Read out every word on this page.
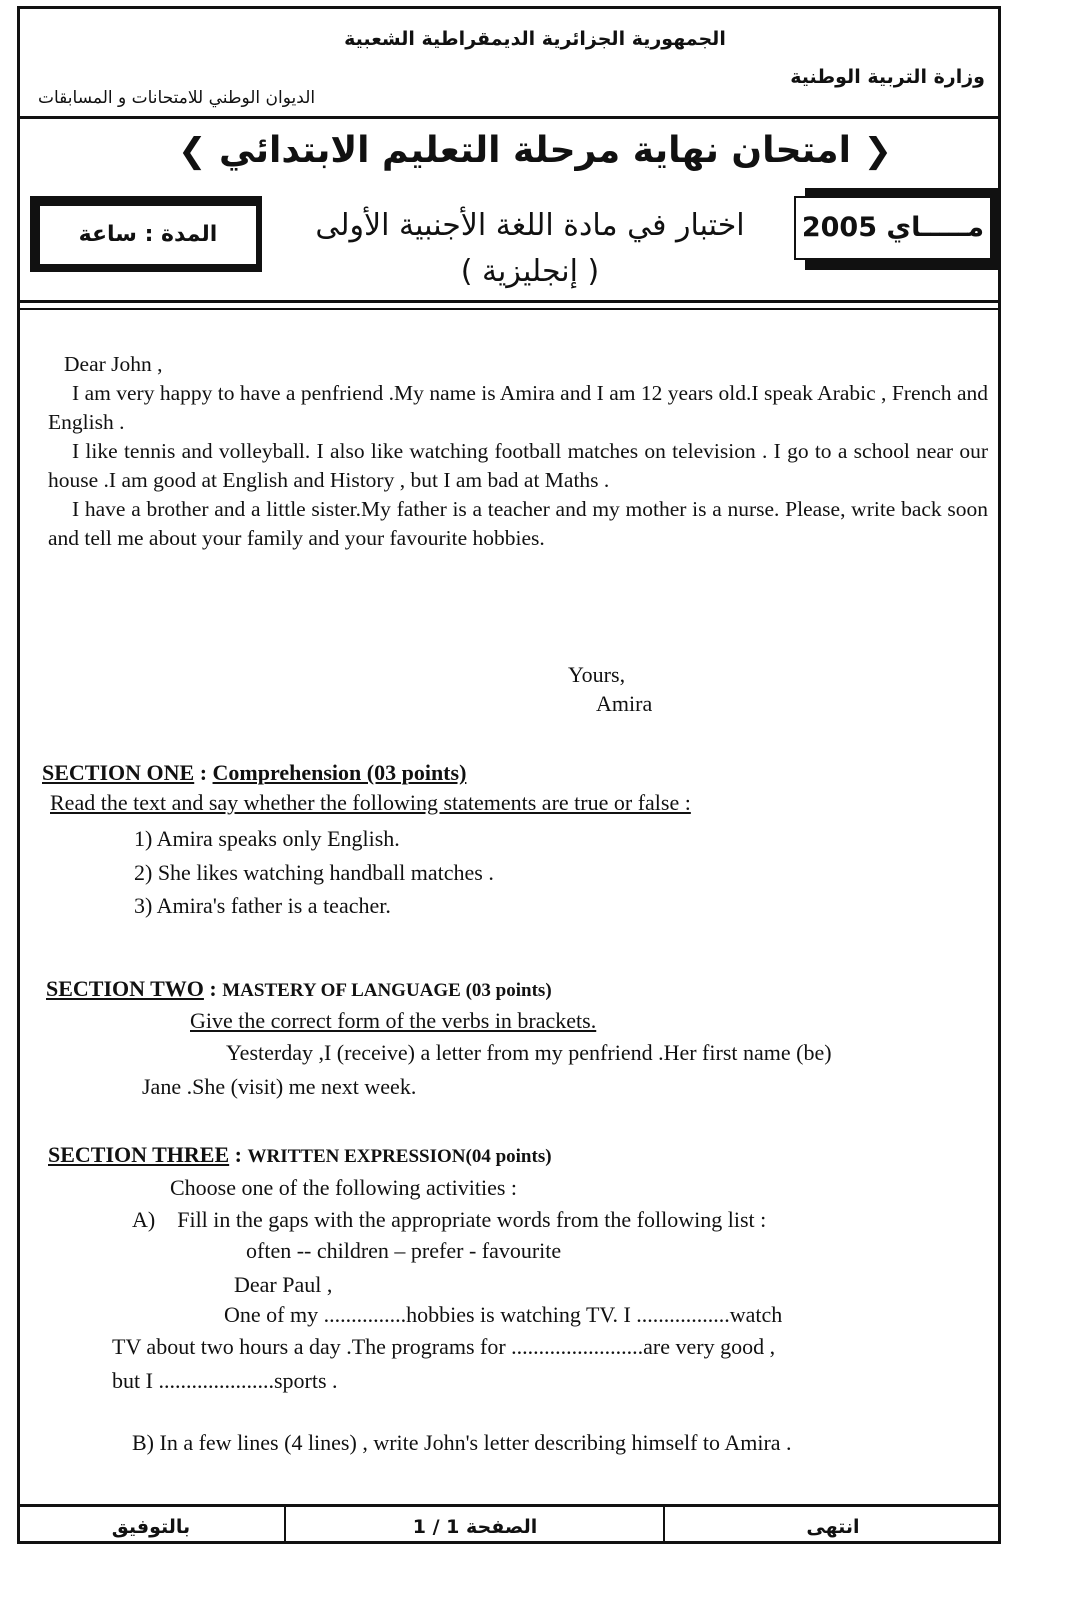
الجمهورية الجزائرية الديمقراطية الشعبية
وزارة التربية الوطنية
الديوان الوطني للامتحانات و المسابقات
❮ امتحان نهاية مرحلة التعليم الابتدائي ❯
مـــــاي 2005
المدة : ساعة	اختبار في مادة اللغة الأجنبية الأولى
( إنجليزية )

Dear John ,

I am very happy to have a penfriend .My name is Amira and I am 12 years old.I speak Arabic , French and English .

I like tennis and volleyball. I also like watching football matches on television . I go to a school near our house .I am good at English and History , but I am bad at Maths .

I have a brother and a little sister.My father is a teacher and my mother is a nurse. Please, write back soon and tell me about your family and your favourite hobbies.

Yours,
Amira
SECTION ONE : Comprehension (03 points)
Read the text and say whether the following statements are true or false :
1) Amira speaks only English.
2) She likes watching handball matches .
3) Amira's father is a teacher.
SECTION TWO : MASTERY OF LANGUAGE (03 points)
Give the correct form of the verbs in brackets.
Yesterday ,I (receive) a letter from my penfriend .Her first name (be)
Jane .She (visit) me next week.
SECTION THREE : WRITTEN EXPRESSION(04 points)
Choose one of the following activities :
A) Fill in the gaps with the appropriate words from the following list :
often -- children – prefer - favourite
Dear Paul ,
One of my ...............hobbies is watching TV. I .................watch
TV about two hours a day .The programs for ........................are very good ,
but I .....................sports .
B) In a few lines (4 lines) , write John's letter describing himself to Amira .
بالتوفيق	الصفحة 1 / 1	انتهى
